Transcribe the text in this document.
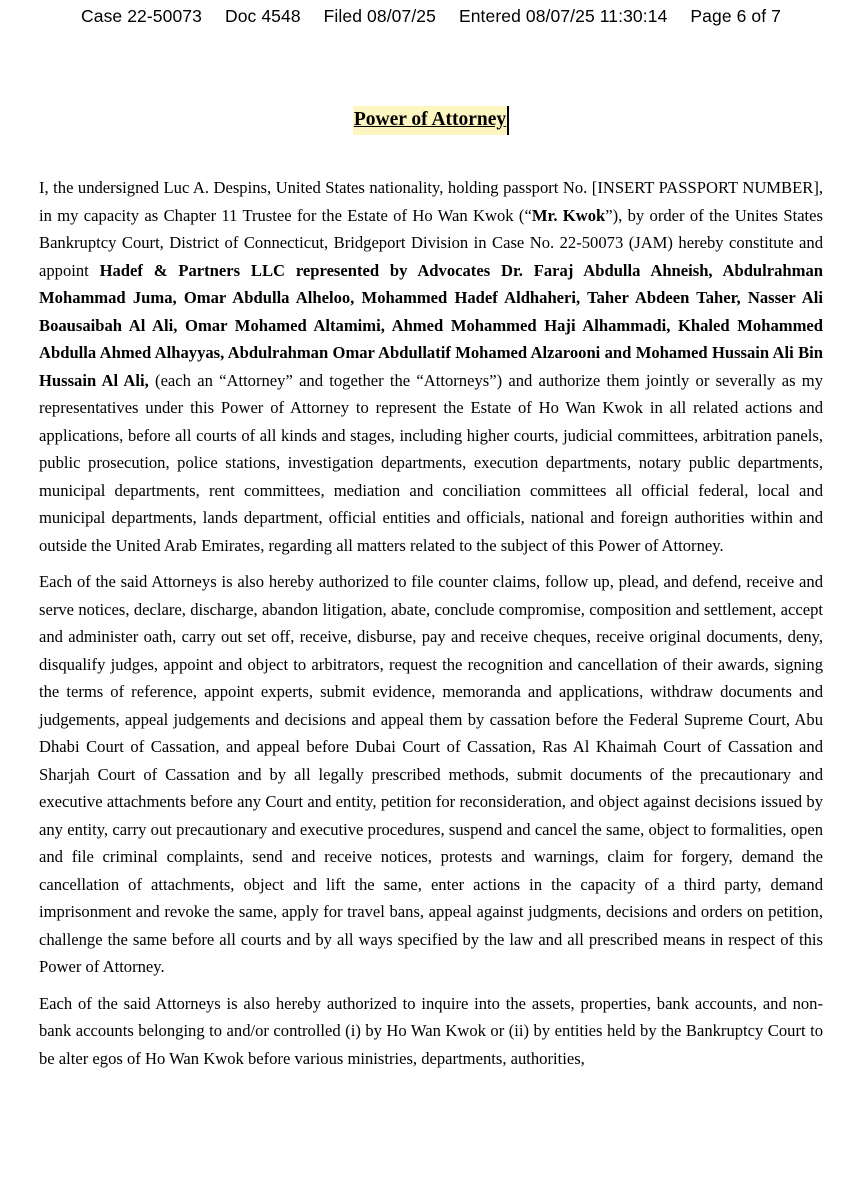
Case 22-50073 Doc 4548 Filed 08/07/25 Entered 08/07/25 11:30:14 Page 6 of 7
Power of Attorney

I, the undersigned Luc A. Despins, United States nationality, holding passport No. [INSERT PASSPORT NUMBER], in my capacity as Chapter 11 Trustee for the Estate of Ho Wan Kwok (“Mr. Kwok”), by order of the Unites States Bankruptcy Court, District of Connecticut, Bridgeport Division in Case No. 22-50073 (JAM) hereby constitute and appoint Hadef & Partners LLC represented by Advocates Dr. Faraj Abdulla Ahneish, Abdulrahman Mohammad Juma, Omar Abdulla Alheloo, Mohammed Hadef Aldhaheri, Taher Abdeen Taher, Nasser Ali Boausaibah Al Ali, Omar Mohamed Altamimi, Ahmed Mohammed Haji Alhammadi, Khaled Mohammed Abdulla Ahmed Alhayyas, Abdulrahman Omar Abdullatif Mohamed Alzarooni and Mohamed Hussain Ali Bin Hussain Al Ali, (each an “Attorney” and together the “Attorneys”) and authorize them jointly or severally as my representatives under this Power of Attorney to represent the Estate of Ho Wan Kwok in all related actions and applications, before all courts of all kinds and stages, including higher courts, judicial committees, arbitration panels, public prosecution, police stations, investigation departments, execution departments, notary public departments, municipal departments, rent committees, mediation and conciliation committees all official federal, local and municipal departments, lands department, official entities and officials, national and foreign authorities within and outside the United Arab Emirates, regarding all matters related to the subject of this Power of Attorney.

Each of the said Attorneys is also hereby authorized to file counter claims, follow up, plead, and defend, receive and serve notices, declare, discharge, abandon litigation, abate, conclude compromise, composition and settlement, accept and administer oath, carry out set off, receive, disburse, pay and receive cheques, receive original documents, deny, disqualify judges, appoint and object to arbitrators, request the recognition and cancellation of their awards, signing the terms of reference, appoint experts, submit evidence, memoranda and applications, withdraw documents and judgements, appeal judgements and decisions and appeal them by cassation before the Federal Supreme Court, Abu Dhabi Court of Cassation, and appeal before Dubai Court of Cassation, Ras Al Khaimah Court of Cassation and Sharjah Court of Cassation and by all legally prescribed methods, submit documents of the precautionary and executive attachments before any Court and entity, petition for reconsideration, and object against decisions issued by any entity, carry out precautionary and executive procedures, suspend and cancel the same, object to formalities, open and file criminal complaints, send and receive notices, protests and warnings, claim for forgery, demand the cancellation of attachments, object and lift the same, enter actions in the capacity of a third party, demand imprisonment and revoke the same, apply for travel bans, appeal against judgments, decisions and orders on petition, challenge the same before all courts and by all ways specified by the law and all prescribed means in respect of this Power of Attorney.

Each of the said Attorneys is also hereby authorized to inquire into the assets, properties, bank accounts, and non-bank accounts belonging to and/or controlled (i) by Ho Wan Kwok or (ii) by entities held by the Bankruptcy Court to be alter egos of Ho Wan Kwok before various ministries, departments, authorities,
